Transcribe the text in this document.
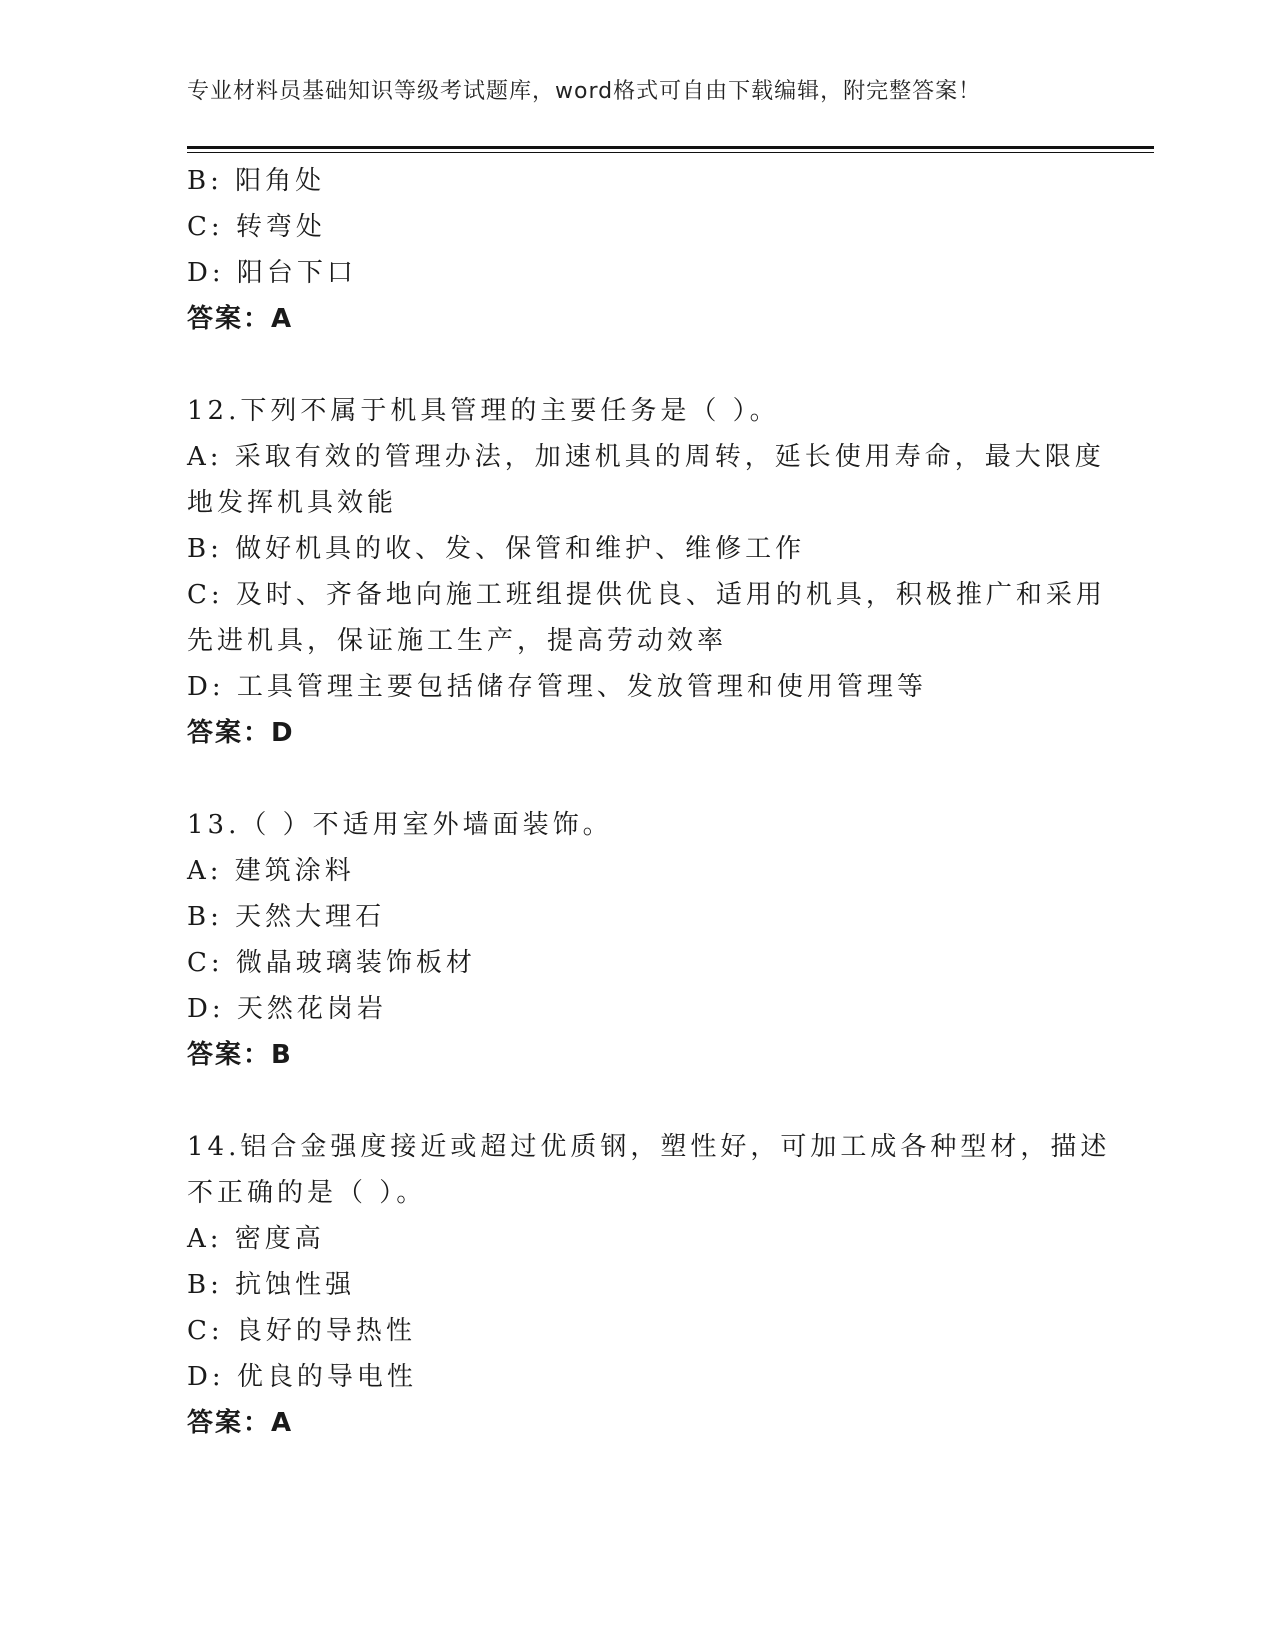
专业材料员基础知识等级考试题库，word格式可自由下载编辑，附完整答案！
B: 阳角处
C: 转弯处
D: 阳台下口
答案：A
12.下列不属于机具管理的主要任务是（ ）。
A: 采取有效的管理办法，加速机具的周转，延长使用寿命，最大限度
地发挥机具效能
B: 做好机具的收、发、保管和维护、维修工作
C: 及时、齐备地向施工班组提供优良、适用的机具，积极推广和采用
先进机具，保证施工生产，提高劳动效率
D: 工具管理主要包括储存管理、发放管理和使用管理等
答案：D
13.（ ）不适用室外墙面装饰。
A: 建筑涂料
B: 天然大理石
C: 微晶玻璃装饰板材
D: 天然花岗岩
答案：B
14.铝合金强度接近或超过优质钢，塑性好，可加工成各种型材，描述
不正确的是（ ）。
A: 密度高
B: 抗蚀性强
C: 良好的导热性
D: 优良的导电性
答案：A
